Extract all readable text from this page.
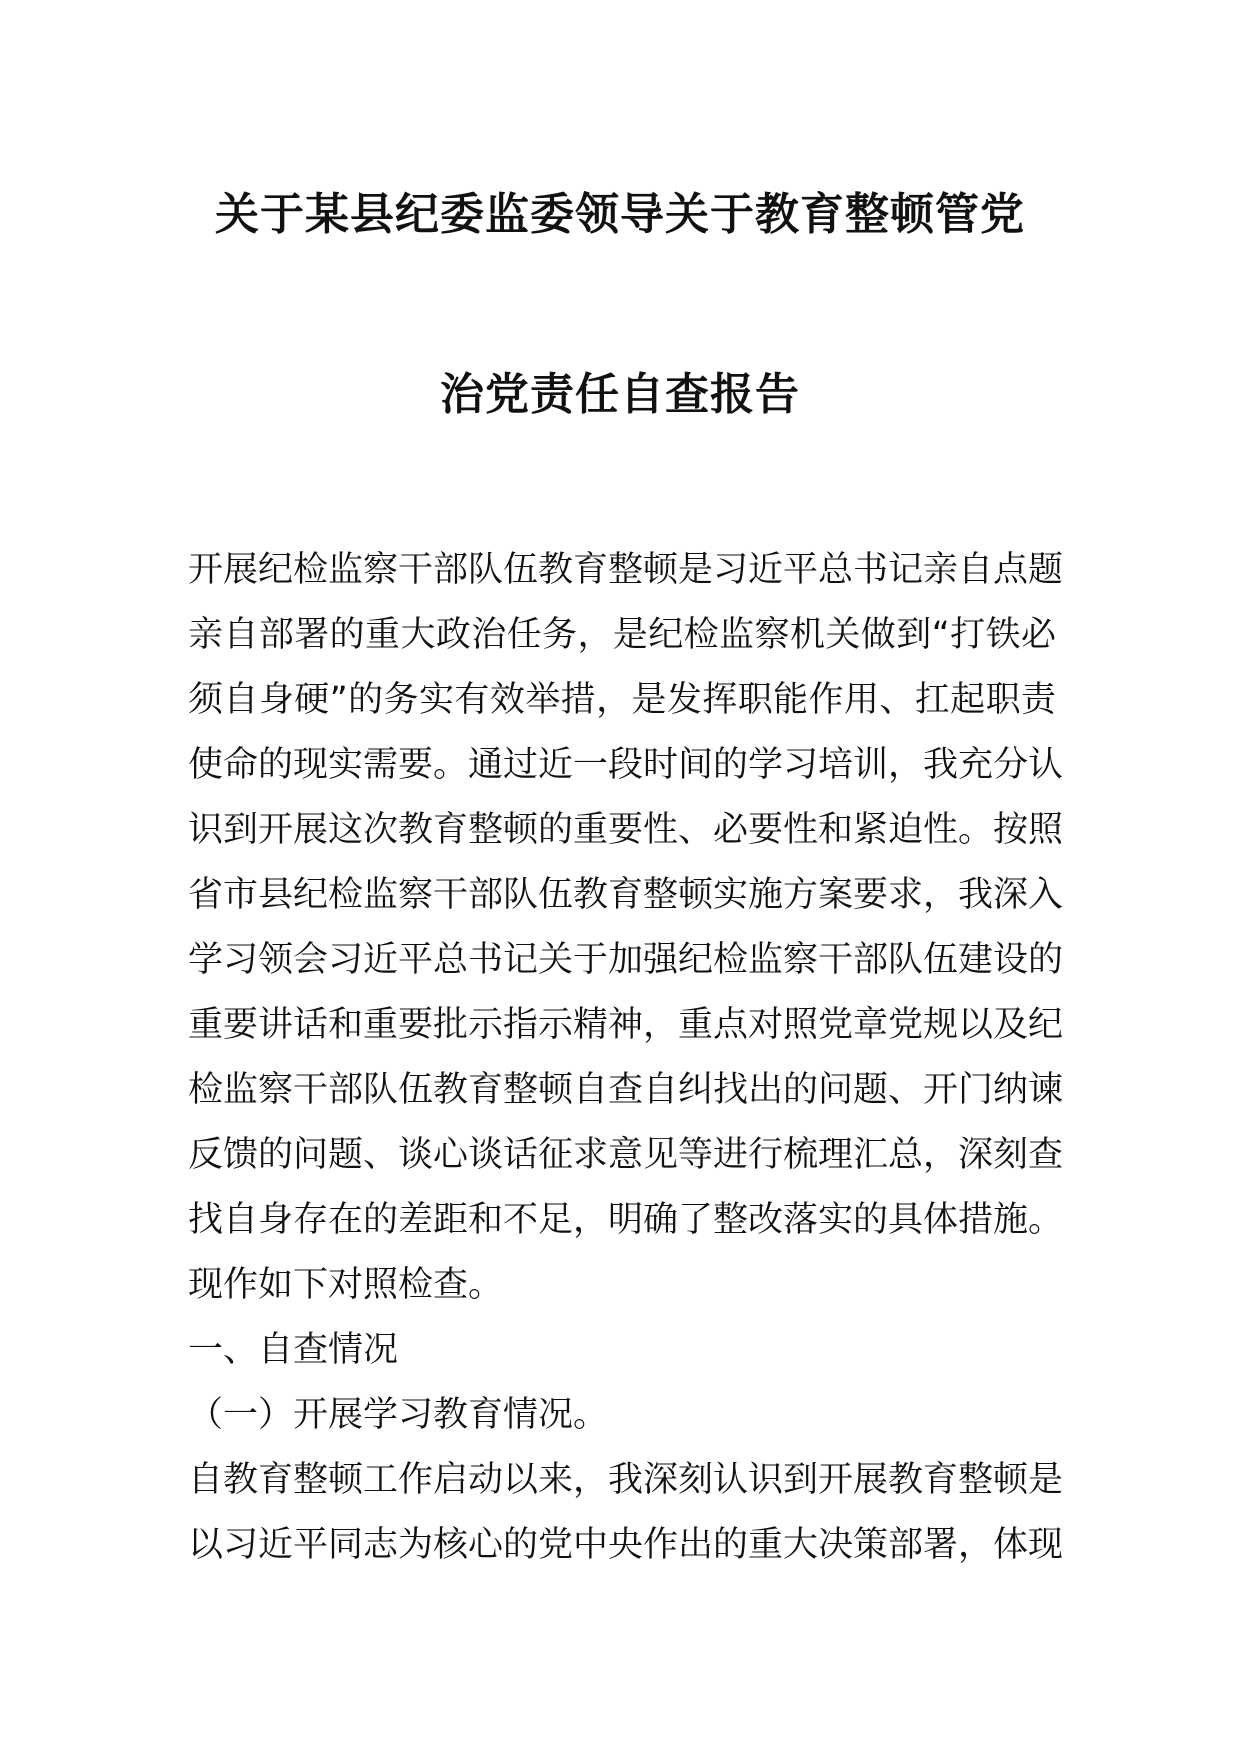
关于某县纪委监委领导关于教育整顿管党
治党责任自查报告
开展纪检监察干部队伍教育整顿是习近平总书记亲自点题
亲自部署的重大政治任务，是纪检监察机关做到“打铁必
须自身硬”的务实有效举措，是发挥职能作用、扛起职责
使命的现实需要。通过近一段时间的学习培训，我充分认
识到开展这次教育整顿的重要性、必要性和紧迫性。按照
省市县纪检监察干部队伍教育整顿实施方案要求，我深入
学习领会习近平总书记关于加强纪检监察干部队伍建设的
重要讲话和重要批示指示精神，重点对照党章党规以及纪
检监察干部队伍教育整顿自查自纠找出的问题、开门纳谏
反馈的问题、谈心谈话征求意见等进行梳理汇总，深刻查
找自身存在的差距和不足，明确了整改落实的具体措施。
现作如下对照检查。
一、自查情况
（一）开展学习教育情况。
自教育整顿工作启动以来，我深刻认识到开展教育整顿是
以习近平同志为核心的党中央作出的重大决策部署，体现
